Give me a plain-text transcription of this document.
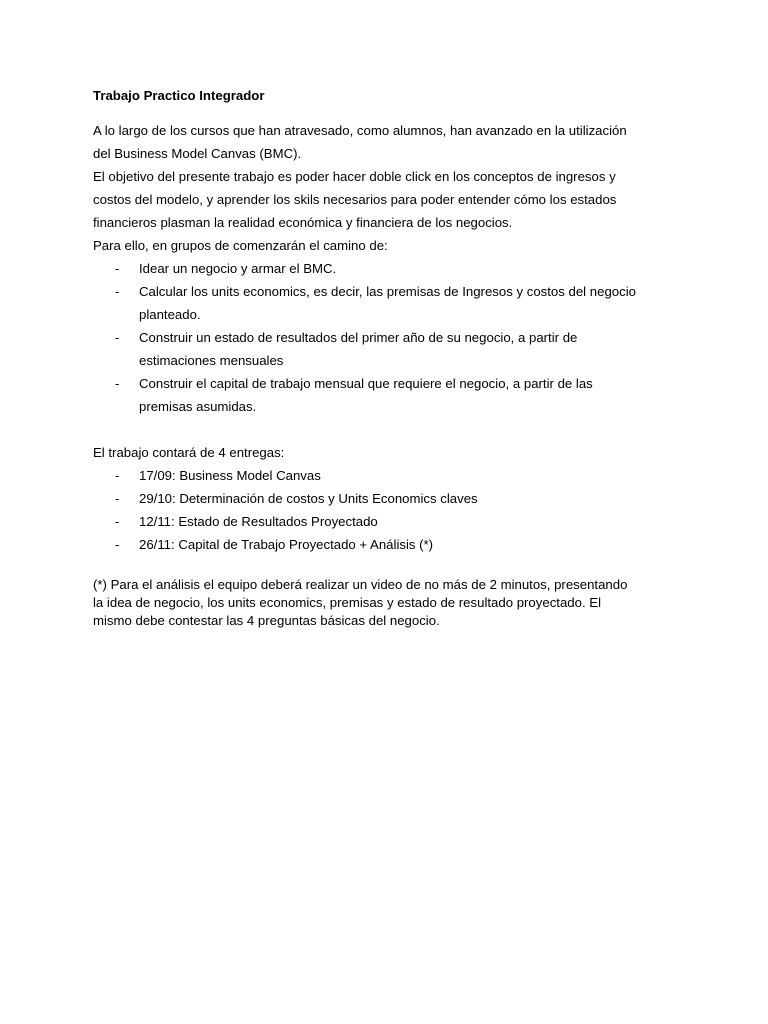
Trabajo Practico Integrador
A lo largo de los cursos que han atravesado, como alumnos, han avanzado en la utilización
del Business Model Canvas (BMC).
El objetivo del presente trabajo es poder hacer doble click en los conceptos de ingresos y
costos del modelo, y aprender los skils necesarios para poder entender cómo los estados
financieros plasman la realidad económica y financiera de los negocios.
Para ello, en grupos de comenzarán el camino de:
-	Idear un negocio y armar el BMC.
-	Calcular los units economics, es decir, las premisas de Ingresos y costos del negocio
planteado.
-	Construir un estado de resultados del primer año de su negocio, a partir de
estimaciones mensuales
-	Construir el capital de trabajo mensual que requiere el negocio, a partir de las
premisas asumidas.
El trabajo contará de 4 entregas:
-	17/09: Business Model Canvas
-	29/10: Determinación de costos y Units Economics claves
-	12/11: Estado de Resultados Proyectado
-	26/11: Capital de Trabajo Proyectado + Análisis (*)
(*) Para el análisis el equipo deberá realizar un video de no más de 2 minutos, presentando
la idea de negocio, los units economics, premisas y estado de resultado proyectado. El
mismo debe contestar las 4 preguntas básicas del negocio.
